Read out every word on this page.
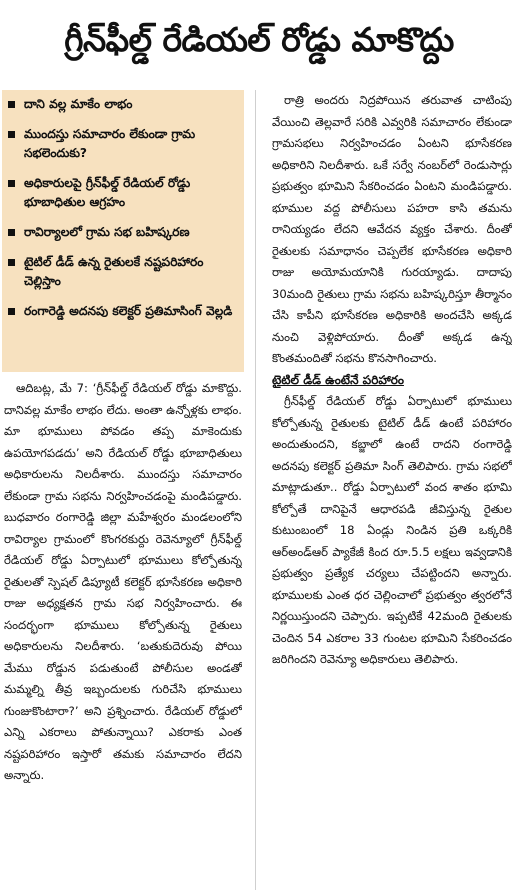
గ్రీన్‌ఫీల్డ్ రేడియల్ రోడ్డు మాకొద్దు
దాని వల్ల మాకేం లాభం
ముందస్తు సమాచారం లేకుండా గ్రామ సభలెందుకు?
అధికారులపై గ్రీన్‌ఫీల్డ్ రేడియల్ రోడ్డు భూబాధితుల ఆగ్రహం
రావిర్యాలలో గ్రామ సభ బహిష్కరణ
టైటిల్ డీడ్ ఉన్న రైతులకే నష్టపరిహారం చెల్లిస్తాం
రంగారెడ్డి అదనపు కలెక్టర్ ప్రతిమాసింగ్ వెల్లడి

ఆదిబట్ల, మే 7: ‘గ్రీన్‌ఫీల్డ్ రేడియల్ రోడ్డు మాకొద్దు. దానివల్ల మాకేం లాభం లేదు. అంతా ఉన్నోళ్లకు లాభం. మా భూములు పోవడం తప్ప మాకెందుకు ఉపయోగపడదు’ అని రేడియల్ రోడ్డు భూబాధితులు అధికారులను నిలదీశారు. ముందస్తు సమాచారం లేకుండా గ్రామ సభను నిర్వహించడంపై మండిపడ్డారు. బుధవారం రంగారెడ్డి జిల్లా మహేశ్వరం మండలంలోని రావిర్యాల గ్రామంలో కొంగరకుర్దు రెవెన్యూలో గ్రీన్‌ఫీల్డ్ రేడియల్ రోడ్డు ఏర్పాటులో భూములు కోల్పోతున్న రైతులతో స్పెషల్ డిప్యూటీ కలెక్టర్ భూసేకరణ అధికారి రాజు అధ్యక్షతన గ్రామ సభ నిర్వహించారు. ఈ సందర్భంగా భూములు కోల్పోతున్న రైతులు అధికారులను నిలదీశారు. ‘బతుకుదెరువు పోయి మేము రోడ్డున పడుతుంటే పోలీసుల అండతో మమ్మల్ని తీవ్ర ఇబ్బందులకు గురిచేసి భూములు గుంజుకొంటారా?’ అని ప్రశ్నించారు. రేడియల్ రోడ్డులో ఎన్ని ఎకరాలు పోతున్నాయి? ఎకరాకు ఎంత నష్టపరిహారం ఇస్తారో తమకు సమాచారం లేదని అన్నారు.

రాత్రి అందరు నిద్రపోయిన తరువాత చాటింపు వేయించి తెల్లవారే సరికి ఎవ్వరికి సమాచారం లేకుండా గ్రామసభలు నిర్వహించడం ఏంటని భూసేకరణ అధికారిని నిలదీశారు. ఒకే సర్వే నంబర్‌లో రెండుసార్లు ప్రభుత్వం భూమిని సేకరించడం ఏంటని మండిపడ్డారు. భూముల వద్ద పోలీసులు పహరా కాసి తమను రానియ్యడం లేదని ఆవేదన వ్యక్తం చేశారు. దీంతో రైతులకు సమాధానం చెప్పలేక భూసేకరణ అధికారి రాజు అయోమయానికి గురయ్యాడు. దాదాపు 30మంది రైతులు గ్రామ సభను బహిష్కరిస్తూ తీర్మానం చేసి కాపీని భూసేకరణ అధికారికి అందచేసి అక్కడ నుంచి వెళ్లిపోయారు. దీంతో అక్కడ ఉన్న కొంతమందితో సభను కొనసాగించారు.

టైటిల్ డీడ్ ఉంటేనే పరిహారం

గ్రీన్‌ఫీల్డ్ రేడియల్ రోడ్డు ఏర్పాటులో భూములు కోల్పోతున్న రైతులకు టైటిల్ డీడ్ ఉంటే పరిహారం అందుతుందని, కబ్జాలో ఉంటే రాదని రంగారెడ్డి అదనపు కలెక్టర్ ప్రతిమా సింగ్ తెలిపారు. గ్రామ సభలో మాట్లాడుతూ.. రోడ్డు ఏర్పాటులో వంద శాతం భూమి కోల్పోతే దానిపైనే ఆధారపడి జీవిస్తున్న రైతుల కుటుంబంలో 18 ఏండ్లు నిండిన ప్రతి ఒక్కరికి ఆర్‌అండ్‌ఆర్ ప్యాకేజీ కింద రూ.5.5 లక్షలు ఇవ్వడానికి ప్రభుత్వం ప్రత్యేక చర్యలు చేపట్టిందని అన్నారు. భూములకు ఎంత ధర చెల్లించాలో ప్రభుత్వం త్వరలోనే నిర్ణయిస్తుందని చెప్పారు. ఇప్పటికే 42మంది రైతులకు చెందిన 54 ఎకరాల 33 గుంటల భూమిని సేకరించడం జరిగిందని రెవెన్యూ అధికారులు తెలిపారు.
